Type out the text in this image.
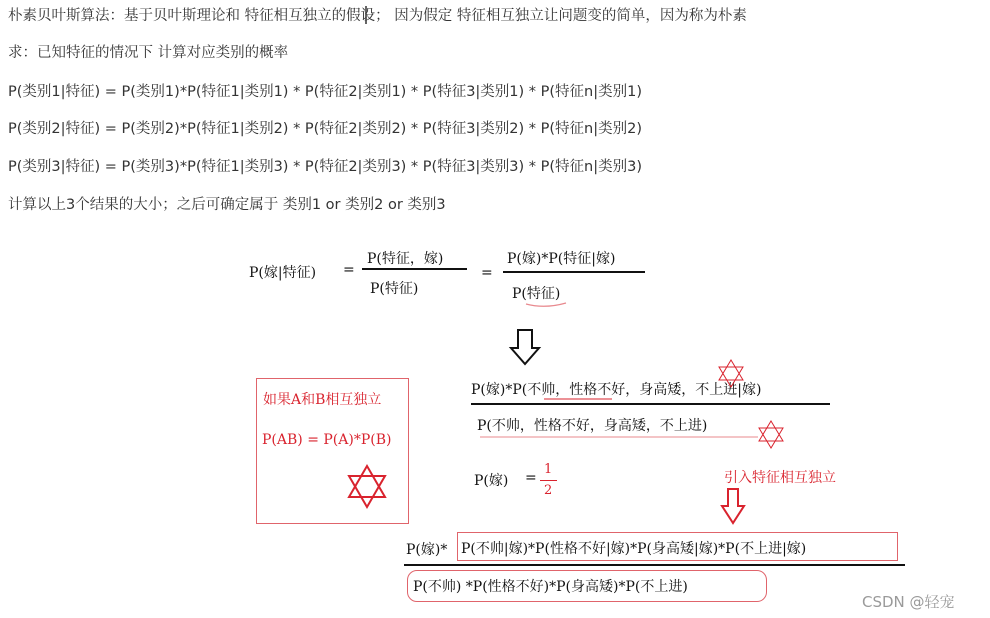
朴素贝叶斯算法：基于贝叶斯理论和 特征相互独立的假设； 因为假定 特征相互独立让问题变的简单，因为称为朴素
求：已知特征的情况下 计算对应类别的概率
P(类别1|特征) = P(类别1)*P(特征1|类别1) * P(特征2|类别1) * P(特征3|类别1) * P(特征n|类别1)
P(类别2|特征) = P(类别2)*P(特征1|类别2) * P(特征2|类别2) * P(特征3|类别2) * P(特征n|类别2)
P(类别3|特征) = P(类别3)*P(特征1|类别3) * P(特征2|类别3) * P(特征3|类别3) * P(特征n|类别3)
计算以上3个结果的大小；之后可确定属于 类别1 or 类别2 or 类别3
P(嫁|特征) =
P(特征，嫁)
P(特征)
=
P(嫁)*P(特征|嫁)
P(特征)
P(嫁)*P(不帅，性格不好，身高矮，不上进|嫁)
P(不帅，性格不好，身高矮，不上进)
P(嫁) =
1
2
如果A和B相互独立
P(AB) = P(A)*P(B)
引入特征相互独立
P(嫁)* P(不帅|嫁)*P(性格不好|嫁)*P(身高矮|嫁)*P(不上进|嫁)
P(不帅) *P(性格不好)*P(身高矮)*P(不上进)
CSDN @轻宠
